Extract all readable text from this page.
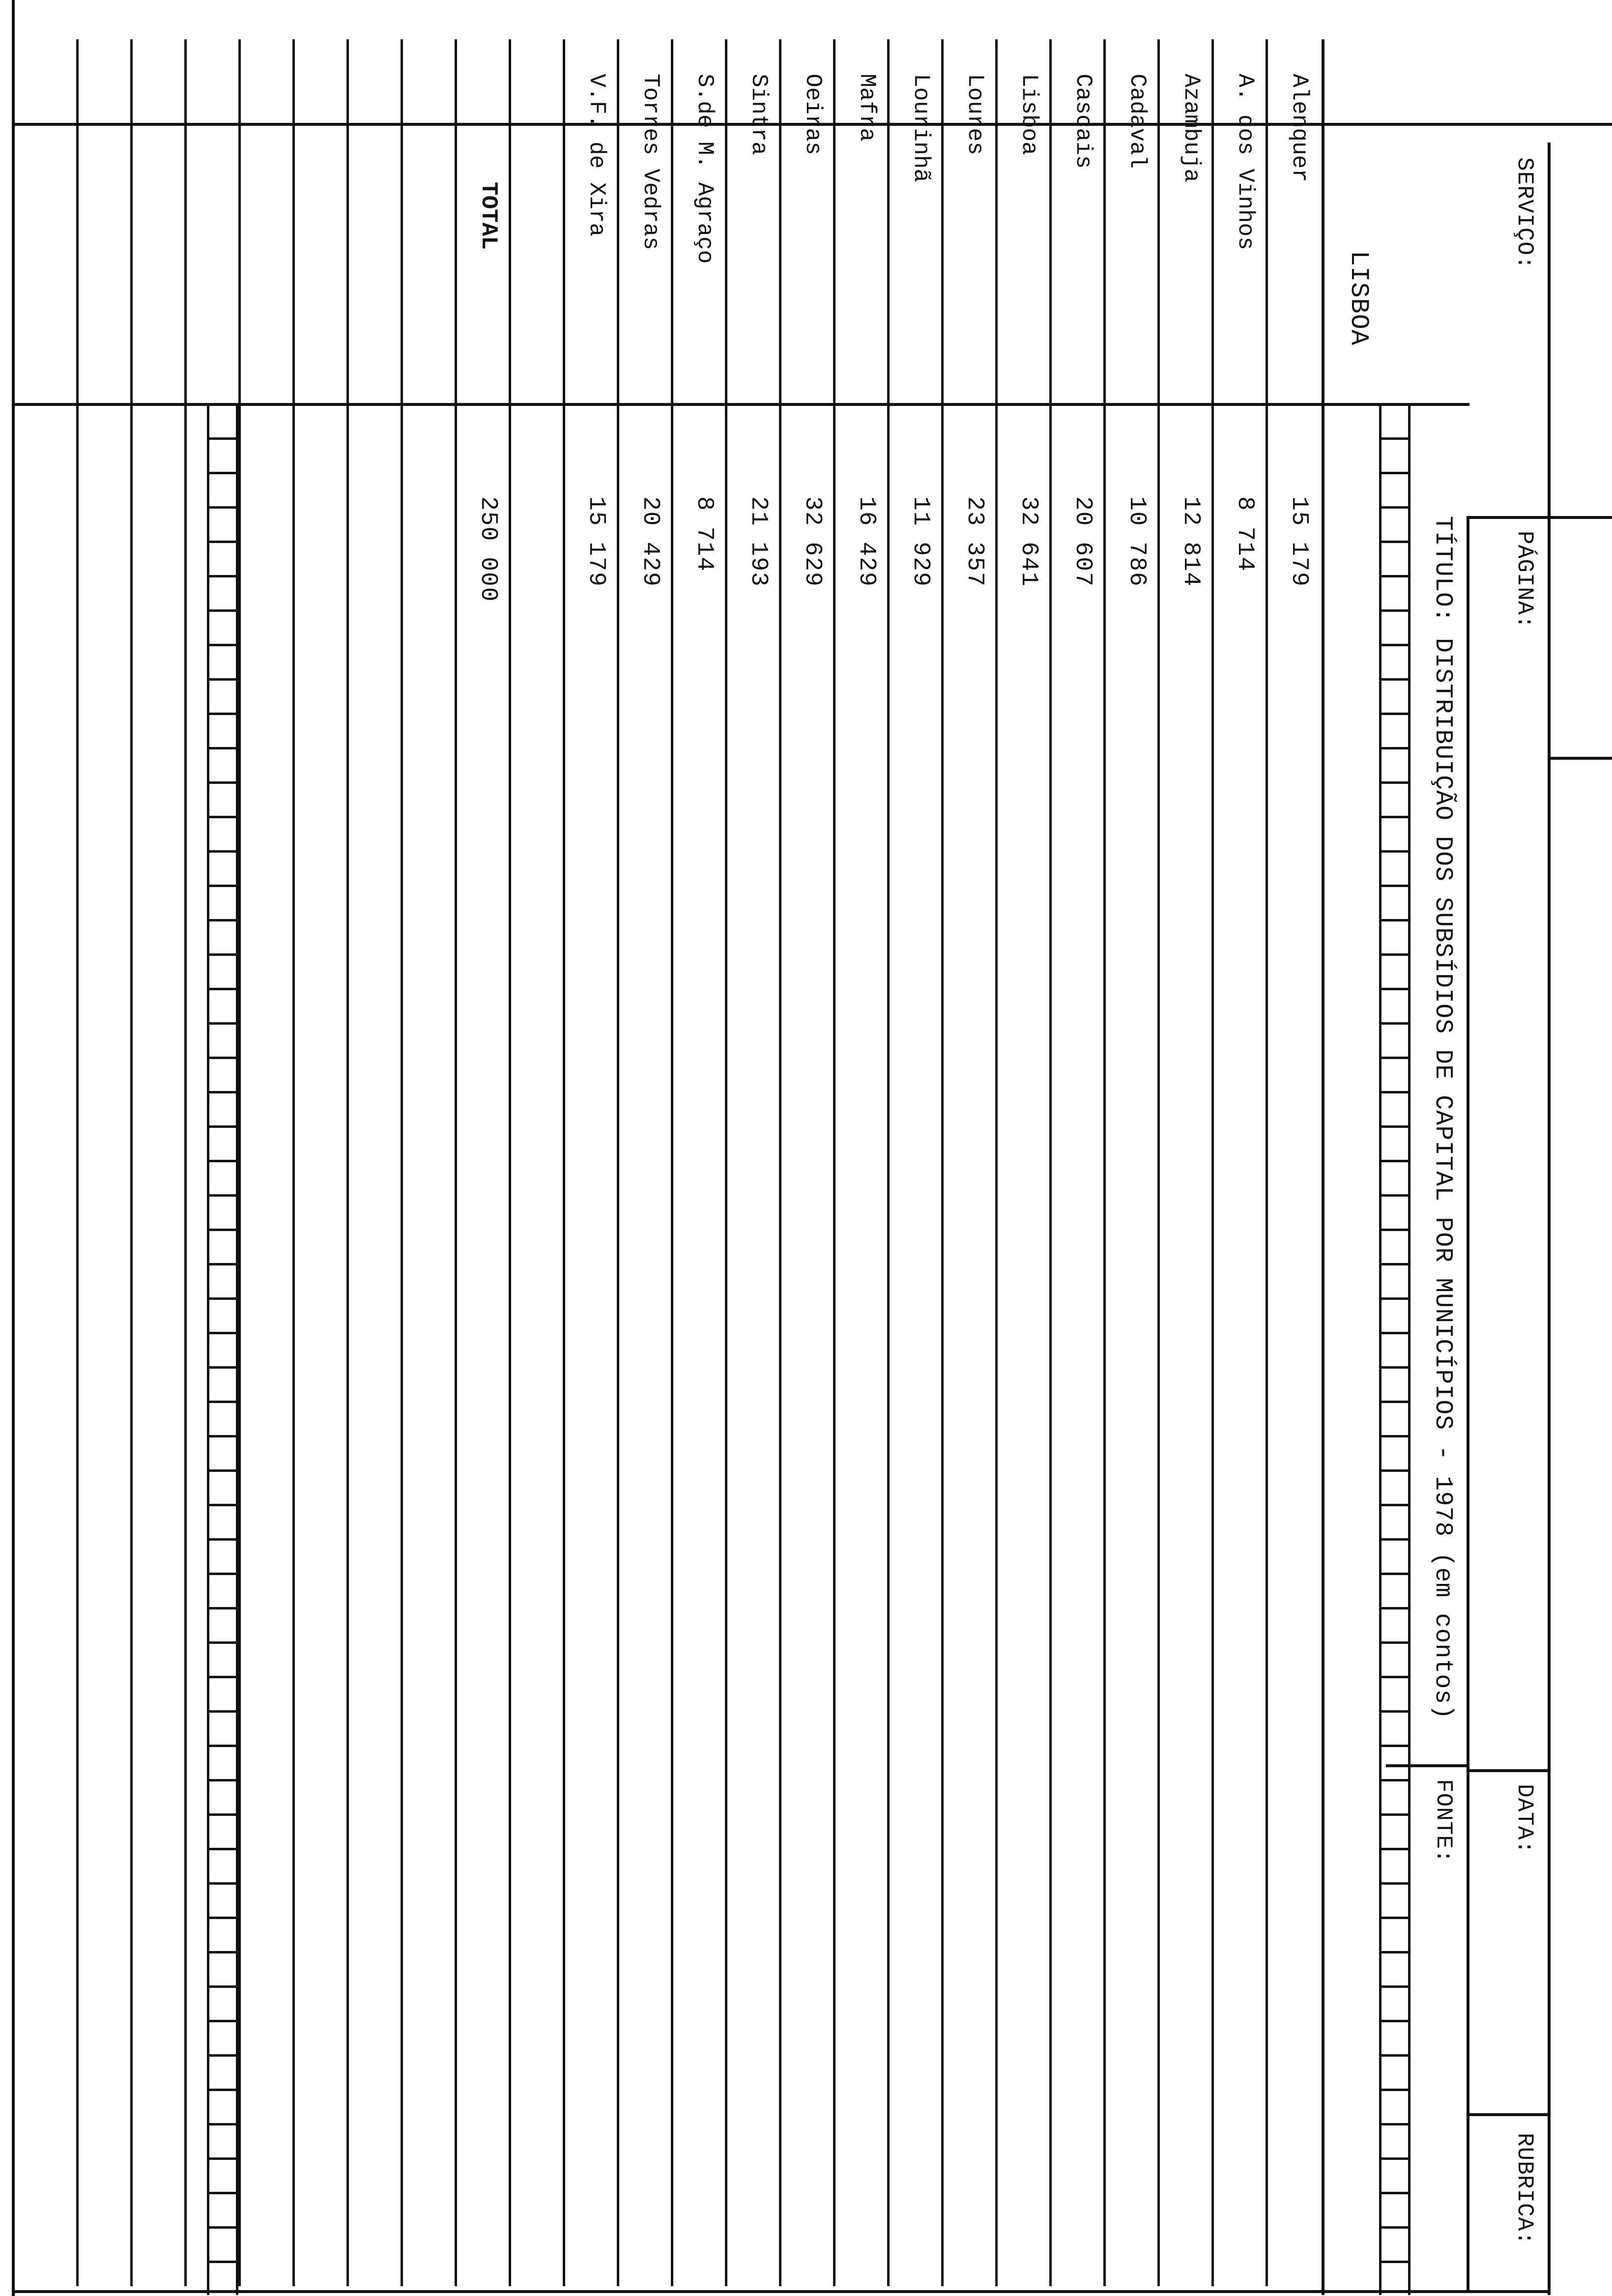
SERVIÇO:
PÁGINA:
DATA:
RUBRICA:
TÍTULO: DISTRIBUIÇÃO DOS SUBSÍDIOS DE CAPITAL POR MUNICÍPIOS - 1978 (em contos)
FONTE:
LISBOA
Alenquer
15 179
A. dos Vinhos
8 714
Azambuja
12 814
Cadaval
10 786
Cascais
20 607
Lisboa
32 641
Loures
23 357
Lourinhã
11 929
Mafra
16 429
Oeiras
32 629
Sintra
21 193
S.de M. Agraço
8 714
Torres Vedras
20 429
V.F. de Xira
15 179
TOTAL
250 000
